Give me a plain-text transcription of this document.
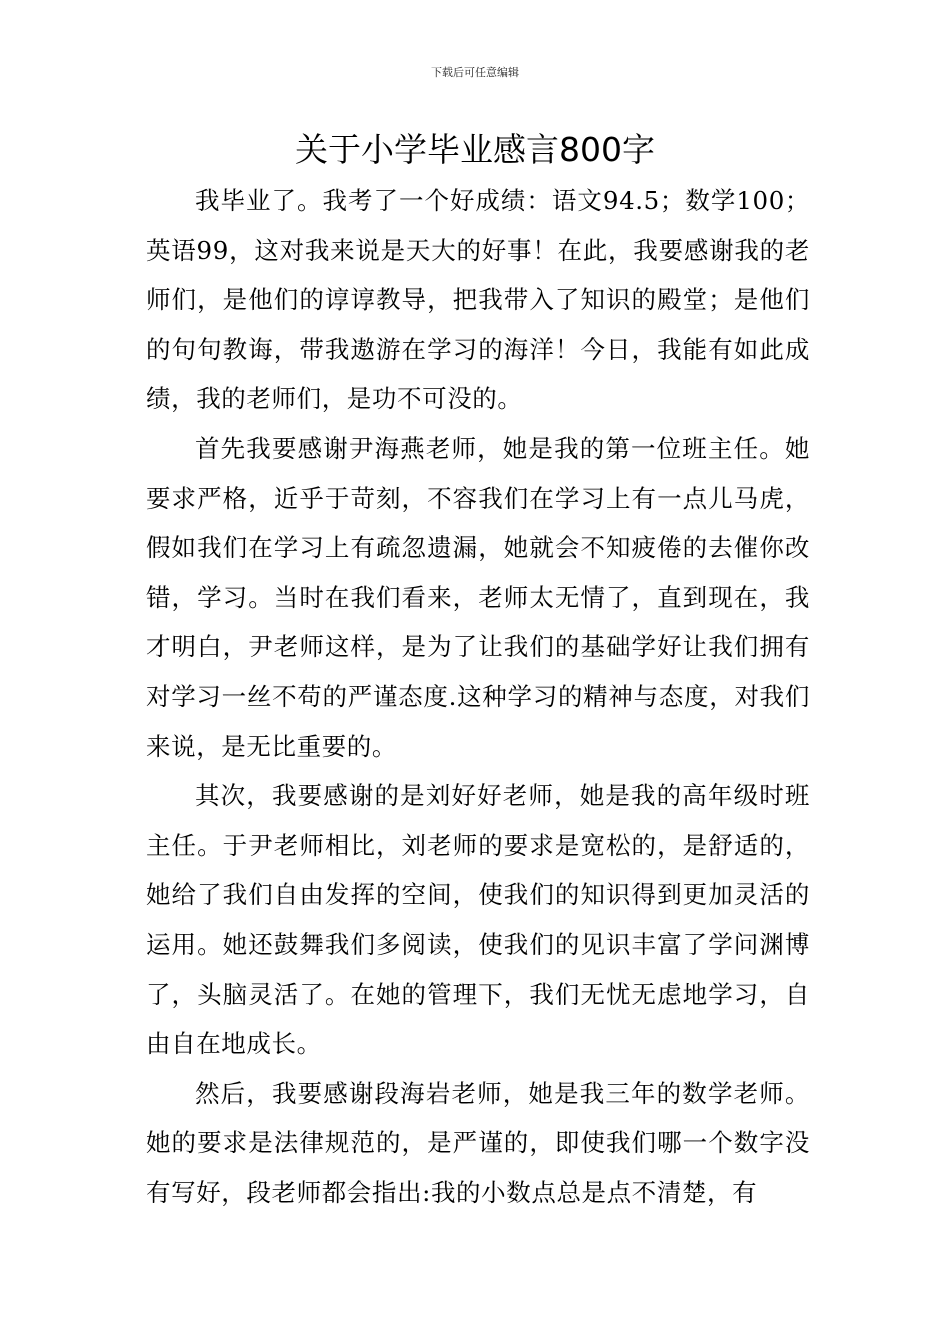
下载后可任意编辑
关于小学毕业感言800字

我毕业了。我考了一个好成绩：语文94.5；数学100；英语99，这对我来说是天大的好事！在此，我要感谢我的老师们，是他们的谆谆教导，把我带入了知识的殿堂；是他们的句句教诲，带我遨游在学习的海洋！今日，我能有如此成绩，我的老师们，是功不可没的。

首先我要感谢尹海燕老师，她是我的第一位班主任。她要求严格，近乎于苛刻，不容我们在学习上有一点儿马虎，假如我们在学习上有疏忽遗漏，她就会不知疲倦的去催你改错，学习。当时在我们看来，老师太无情了，直到现在，我才明白，尹老师这样，是为了让我们的基础学好让我们拥有对学习一丝不苟的严谨态度.这种学习的精神与态度，对我们来说，是无比重要的。

其次，我要感谢的是刘好好老师，她是我的高年级时班主任。于尹老师相比，刘老师的要求是宽松的，是舒适的，她给了我们自由发挥的空间，使我们的知识得到更加灵活的运用。她还鼓舞我们多阅读，使我们的见识丰富了学问渊博了，头脑灵活了。在她的管理下，我们无忧无虑地学习，自由自在地成长。

然后，我要感谢段海岩老师，她是我三年的数学老师。她的要求是法律规范的，是严谨的，即使我们哪一个数字没有写好，段老师都会指出:我的小数点总是点不清楚，有
